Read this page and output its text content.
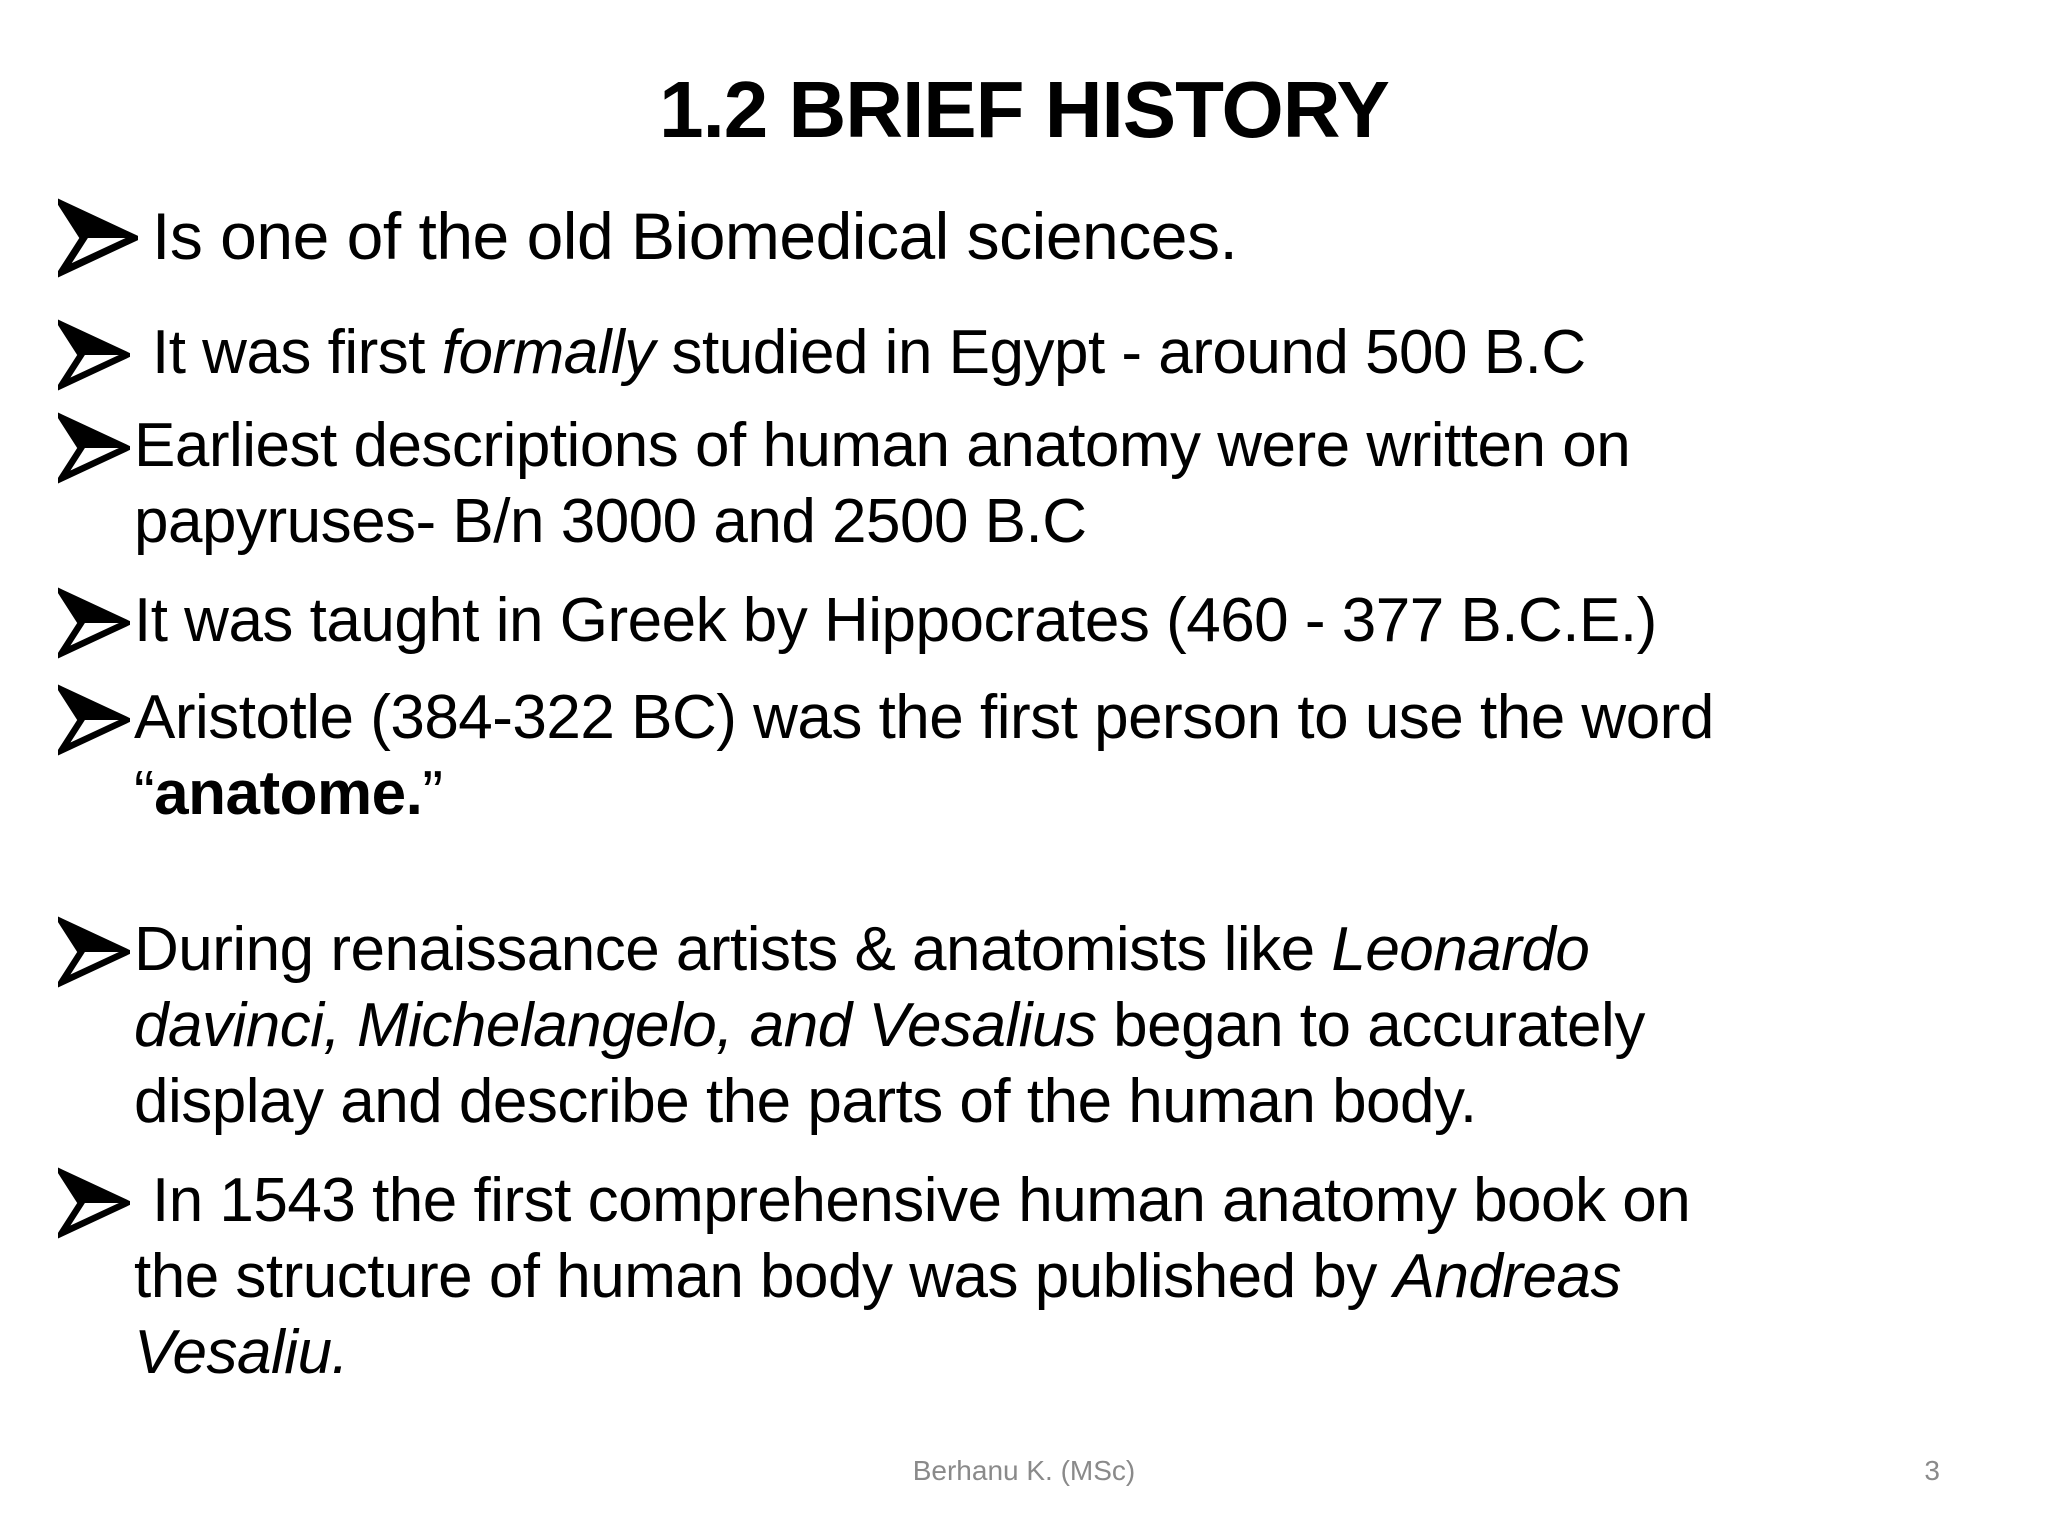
1.2 BRIEF HISTORY
Is one of the old Biomedical sciences.
It was first formally studied in Egypt - around 500 B.C
Earliest descriptions of human anatomy were written on
papyruses- B/n 3000 and 2500 B.C
It was taught in Greek by Hippocrates (460 - 377 B.C.E.)
Aristotle (384-322 BC) was the first person to use the word
“anatome.”
During renaissance artists & anatomists like Leonardo
davinci, Michelangelo, and Vesalius began to accurately
display and describe the parts of the human body.
In 1543 the first comprehensive human anatomy book on
the structure of human body was published by Andreas
Vesaliu.
Berhanu K. (MSc)	3
